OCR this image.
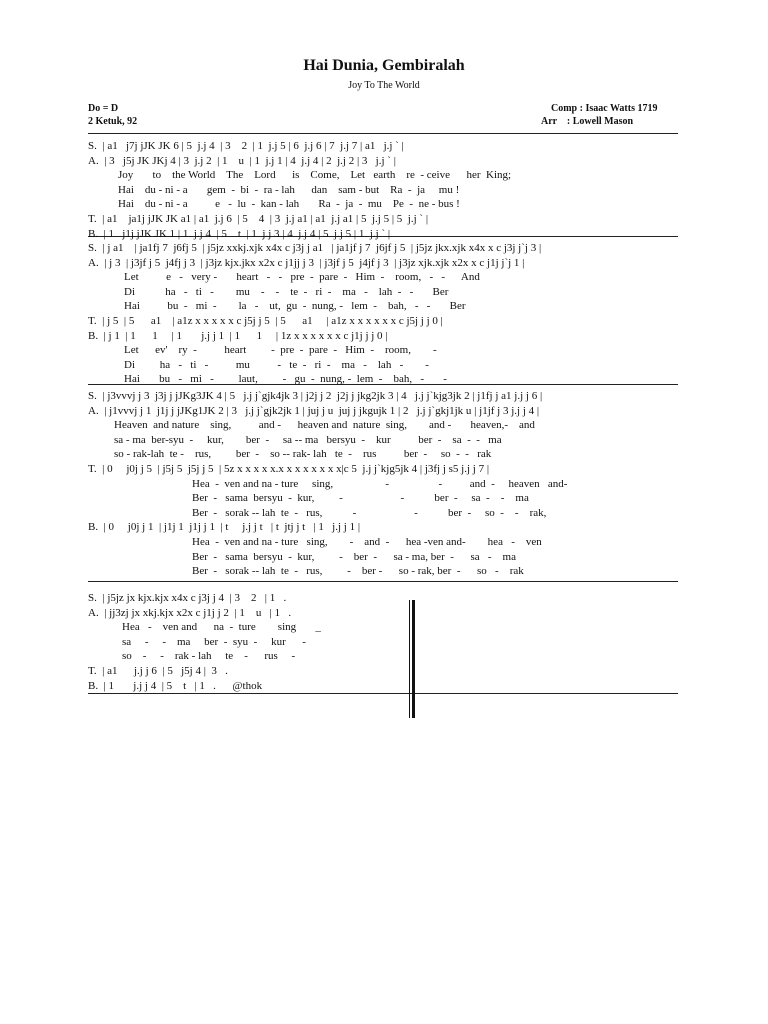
Hai Dunia, Gembiralah
Joy To The World
Do = D
2 Ketuk, 92
Comp : Isaac Watts 1719
Arr    : Lowell Mason
S.  | a1   j7j jJK JK 6 | 5  j.j 4  | 3    2  | 1  j.j 5 | 6  j.j 6 | 7  j.j 7 | a1   j.j ` |
A.  | 3   j5j JK JKj 4 | 3  j.j 2  | 1    u  | 1  j.j 1 | 4  j.j 4 | 2  j.j 2 | 3   j.j ` |
Joy       to    the World    The    Lord      is    Come,    Let   earth    re  - ceive      her  King;
Hai    du - ni - a       gem  -  bi  -  ra - lah      dan    sam - but    Ra  -  ja     mu !
Hai    du - ni - a          e   -  lu  -  kan - lah       Ra  -  ja  -  mu    Pe  -  ne - bus !
T.  | a1    ja1j jJK JK a1 | a1  j.j 6  | 5    4  | 3  j.j a1 | a1  j.j a1 | 5  j.j 5 | 5  j.j ` |
B.  | 1   j1j jJK JK 1 | 1  j.j 4  | 5    t  | 1  j.j 3 | 4  j.j 4 | 5  j.j 5 | 1  j.j ` |
S.  | j a1    | ja1fj 7  j6fj 5  | j5jz xxkj.xjk x4x c j3j j a1   | ja1jf j 7  j6jf j 5  | j5jz jkx.xjk x4x x c j3j j`j 3 |
A.  | j 3  | j3jf j 5  j4fj j 3  | j3jz kjx.jkx x2x c j1jj j 3  | j3jf j 5  j4jf j 3  | j3jz xjk.xjk x2x x c j1j j`j 1 |
Let          e   -   very -       heart   -   -   pre  -  pare  -   Him  -    room,   -   -      And
Di           ha   -   ti   -        mu    -    -    te  -   ri  -    ma   -    lah  -   -       Ber
Hai          bu  -   mi  -        la   -    ut,  gu  -  nung, -   lem  -    bah,   -   -       Ber
T.  | j 5  | 5      a1    | a1z x x x x x c j5j j 5  | 5      a1     | a1z x x x x x x c j5j j j 0 |
B.  | j 1  | 1      1     | 1       j.j j 1  | 1      1     | 1z x x x x x x c j1j j j 0 |
Let      ev'    ry  -          heart         -  pre  -  pare  -   Him  -    room,        -
Di         ha   -   ti   -          mu          -   te  -   ri  -    ma   -    lah   -        -
Hai       bu   -   mi   -         laut,         -   gu  -  nung, -  lem  -    bah,   -       -
S.  | j3vvvj j 3  j3j j jJKg3JK 4 | 5   j.j j`gjk4jk 3 | j2j j 2  j2j j jkg2jk 3 | 4   j.j j`kjg3jk 2 | j1fj j a1 j.j j 6 |
A.  | j1vvvj j 1  j1j j jJKg1JK 2 | 3   j.j j`gjk2jk 1 | juj j u  juj j jkgujk 1 | 2   j.j j`gkj1jk u | j1jf j 3 j.j j 4 |
Heaven  and nature    sing,          and -      heaven and  nature  sing,        and -       heaven,-    and
sa - ma  ber-syu  -     kur,        ber  -     sa -- ma   bersyu  -    kur          ber  -    sa  -  -   ma
so - rak-lah  te -    rus,         ber  -    so -- rak- lah   te  -    rus          ber  -     so  -  -   rak
T.  | 0     j0j j 5  | j5j 5  j5j j 5  | 5z x x x x x.x x x x x x x x|c 5  j.j j`kjg5jk 4 | j3fj j s5 j.j j 7 |
Hea  -  ven and na - ture     sing,                   -                  -          and  -     heaven   and-
Ber  -   sama  bersyu  -  kur,         -                     -           ber  -     sa  -    -    ma
Ber  -   sorak -- lah  te  -   rus,           -                     -           ber  -     so  -    -    rak,
B.  | 0     j0j j 1  | j1j 1  j1j j 1  | t     j.j j t   | t  jtj j t   | 1   j.j j 1 |
Hea  -  ven and na - ture   sing,        -    and  -      hea -ven and-        hea   -    ven
Ber  -   sama  bersyu  -  kur,         -    ber  -      sa - ma, ber  -      sa   -    ma
Ber  -   sorak -- lah  te  -   rus,         -    ber -      so - rak, ber  -      so   -    rak
S.  | j5jz jx kjx.kjx x4x c j3j j 4  | 3    2   | 1   .
A.  | jj3zj jx xkj.kjx x2x c j1j j 2  | 1    u   | 1   .
Hea   -    ven and      na  -  ture        sing       _
sa     -     -    ma     ber  -  syu  -     kur      -
so    -     -    rak - lah     te    -      rus     -
T.  | a1      j.j j 6  | 5   j5j 4 |  3   .
B.  | 1       j.j j 4  | 5    t   | 1   .      @thok
